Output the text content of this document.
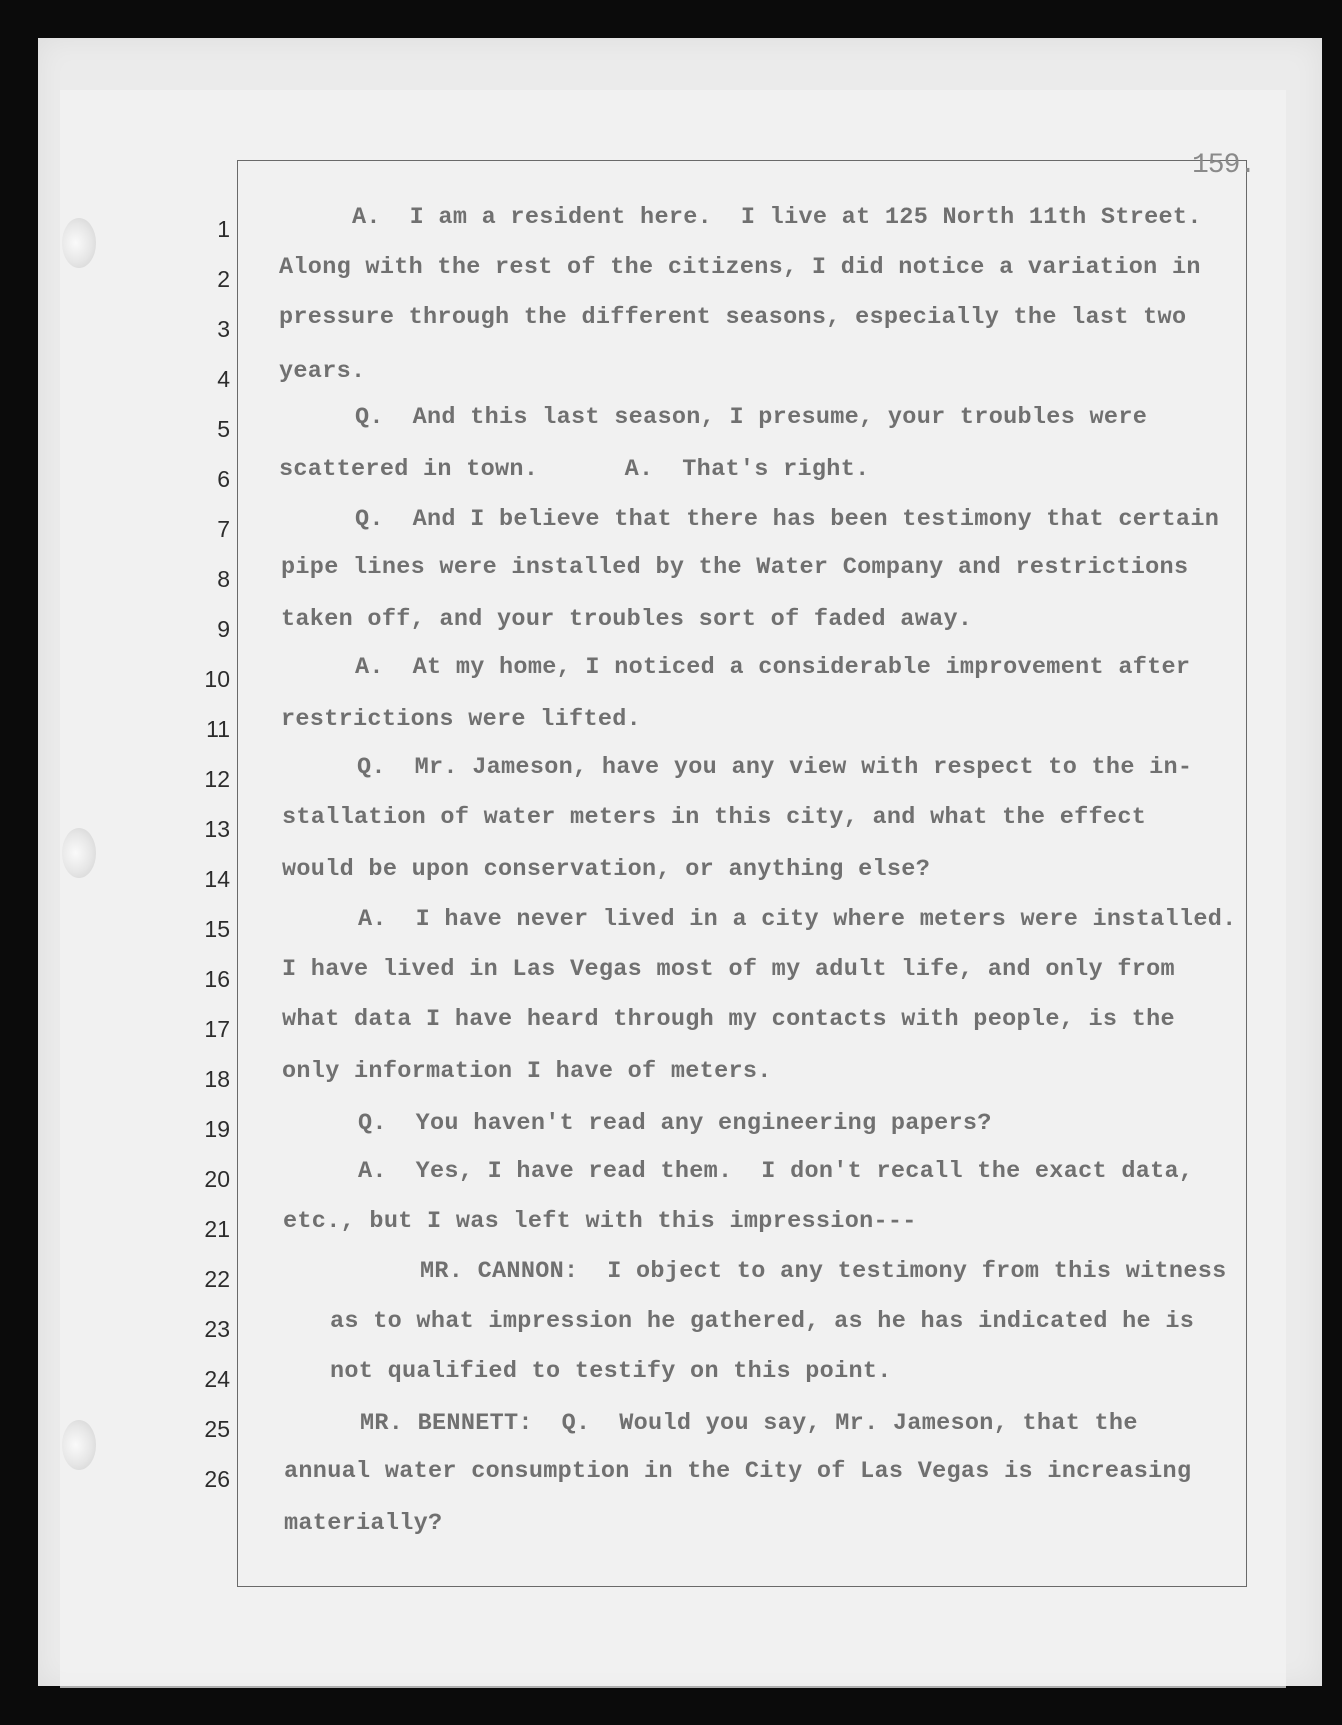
159.
1
2
3
4
5
6
7
8
9
10
11
12
13
14
15
16
17
18
19
20
21
22
23
24
25
26
A.  I am a resident here.  I live at 125 North 11th Street.
Along with the rest of the citizens, I did notice a variation in
pressure through the different seasons, especially the last two
years.
Q.  And this last season, I presume, your troubles were
scattered in town.      A.  That's right.
Q.  And I believe that there has been testimony that certain
pipe lines were installed by the Water Company and restrictions
taken off, and your troubles sort of faded away.
A.  At my home, I noticed a considerable improvement after
restrictions were lifted.
Q.  Mr. Jameson, have you any view with respect to the in-
stallation of water meters in this city, and what the effect
would be upon conservation, or anything else?
A.  I have never lived in a city where meters were installed.
I have lived in Las Vegas most of my adult life, and only from
what data I have heard through my contacts with people, is the
only information I have of meters.
Q.  You haven't read any engineering papers?
A.  Yes, I have read them.  I don't recall the exact data,
etc., but I was left with this impression---
MR. CANNON:  I object to any testimony from this witness
as to what impression he gathered, as he has indicated he is
not qualified to testify on this point.
MR. BENNETT:  Q.  Would you say, Mr. Jameson, that the
annual water consumption in the City of Las Vegas is increasing
materially?
